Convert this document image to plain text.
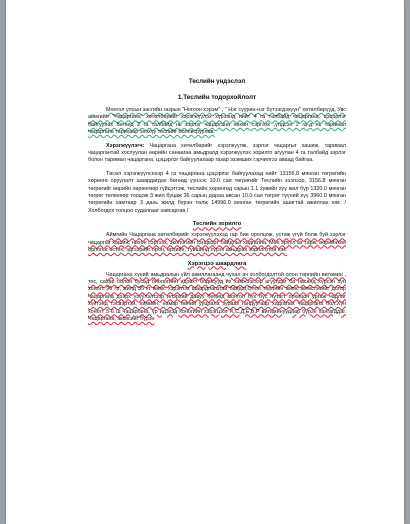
Теслийн үндэслэл
1.Теслийн тодорхойлолт

Монгол улсын засгийн газрын "Ногоон хэрэм" , " Нэг сүүрин-нэг бүтээгдэхүүн" хөтөлбөрүүд, Увс аймгийн "Чацаргана" хөтөлбөрийг хэрэгжүүлэх хүрээнд нийт 4 га талбайд чацаргана, цэцэрлэг байгуулах бөгөөд 2 га талбайд нь зэрлэг чацаргана нөхөн сэргээх ,үлдсэн 2 га-д нь таримал чацаргана тарихаар энэхүү теслийг боловсруулав.

Хэрэгжүүлэгч: Чацаргана хөтөлбөрийг хэрэгжүүлж, зэрлэг чацаргыг хашиж, таримал чацаргантай хослуулан өөрийн санаагаа амьдралд хэрэгжүүлэх зорилго агуулан 4 га талбайд зэрлэг болон таримал чацаргана, цэцэрлэг байгуулахаар газар эзэмших гэрчилгээ аваад байгаа.

Төсөл хэрэгжүүлснээр 4 га чацаргана цэцэрлэг байгуулахад нийт 13156,8 мянган төгрөгийн хөрөнгө оруулалт шаардагдах бөгөөд үүнээс 10.0 сая төгрөгийг Теслийн зээлээр, 3156.8 мянган төгрөгийг өөрийн хөрөнгөөр гүйцэтгэж, теслийн хөрөнгөд сарын 1.1 хувийн хүү жил бүр 1320.0 мянган төгрөг төлөхөөр тооцож 3 жил буцаж 36 сарын дараа авсан 10.0 сая төгрөг түүний хүү 3960.0 мянган төгрөгийн хамтаар 3 дахь жилд бүрэн төлж 14996.0 мянган төгрөгийн ашигтай ажиллах юм. /Холбогдох тооцоо судалгааг хавсаргав./

Теслийн зорилго

Аймгийн Чацаргана хөтөлбөрийг хэрэгжүүлэхэд гар бие оролцож, устаж үгүй болж буй зэрлэг чацаргыг хашиж, нөхөн сэргээх, экологийн тэнцвэрт байдлыг хадгална. Мөн эрүүл ах тарж, өөрийнхөө орлогыг өстөх, эдгээрийг орон, өрхийн, тувшинд хүрэх амьдрах зорилготой юм.

Хэрэгцээ шаардлага

Чацаргана хүний амьдралын үйл ажиллагаанд чухал ач холбогдолтой олон төрлийн витамин , тос, сахар болон бусад биологийн идэвхт бодисууд их хэмжээгээр агуулдаг ба насанд хүрсэн хүн хоногт 96 гр, жилд 35 кг жимс хэрэглэх шаардлагатай байдаг.Олон төрлийн жимс жимсгэнийг дотор чацаргана дээрх үзүүлэлтээр илэрхий давуу бөгөөд монгол бүх бүс нутагт орхицон ургаж чадлаг хүйтэнд тэсвэртэй, химийн, намар өөний ууцрала зураах гандуугаар хадгалах чацаргана бол.Хүн хоногт 5-6 ш чацаргана, үр идэхэд хоногийн хэрэгцээт K,C,Д,E,B,P витаминуудаар бүрэн хангагддаг. Чацаргана, жимсийг бүрэн
